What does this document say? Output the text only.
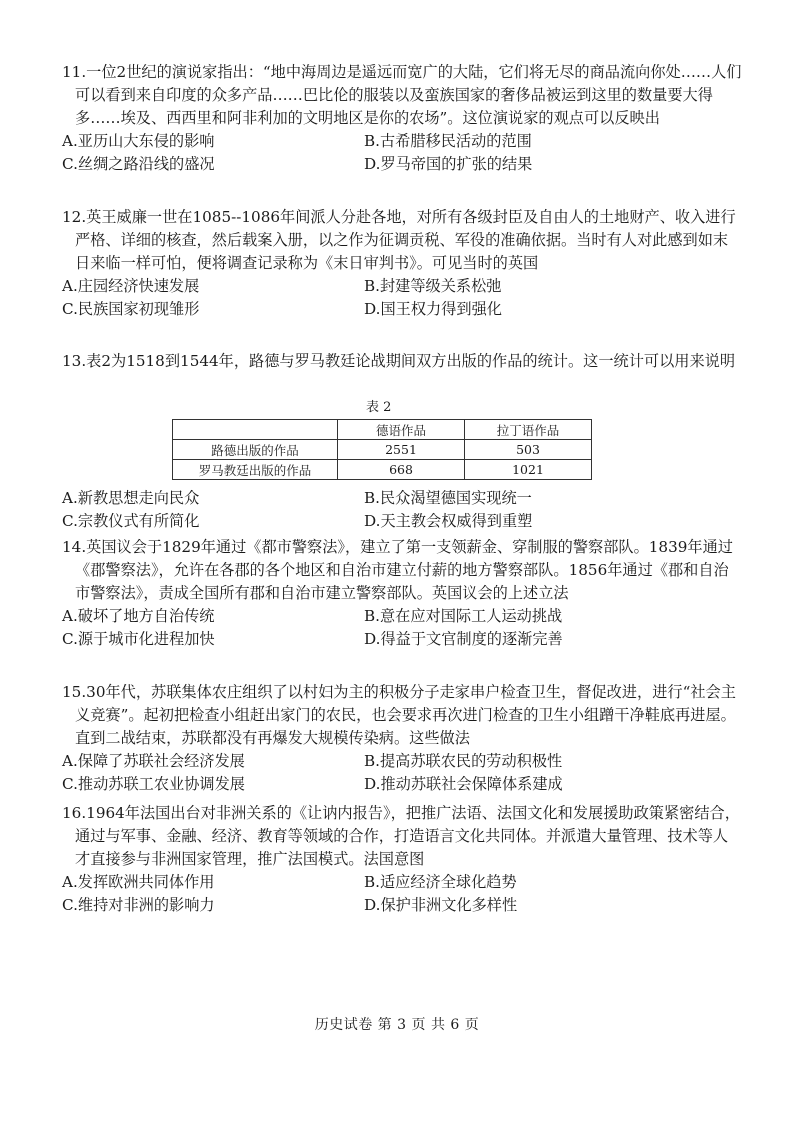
11.一位2世纪的演说家指出：“地中海周边是遥远而宽广的大陆，它们将无尽的商品流向你处……人们可以看到来自印度的众多产品……巴比伦的服装以及蛮族国家的奢侈品被运到这里的数量要大得多……埃及、西西里和阿非利加的文明地区是你的农场”。这位演说家的观点可以反映出

A.亚历山大东侵的影响	B.古希腊移民活动的范围
C.丝绸之路沿线的盛况	D.罗马帝国的扩张的结果

12.英王威廉一世在1085--1086年间派人分赴各地，对所有各级封臣及自由人的土地财产、收入进行严格、详细的核查，然后载案入册，以之作为征调贡税、军役的准确依据。当时有人对此感到如末日来临一样可怕，便将调查记录称为《末日审判书》。可见当时的英国

A.庄园经济快速发展	B.封建等级关系松弛
C.民族国家初现雏形	D.国王权力得到强化

13.表2为1518到1544年，路德与罗马教廷论战期间双方出版的作品的统计。这一统计可以用来说明

表 2
	德语作品	拉丁语作品
路德出版的作品	2551	503
罗马教廷出版的作品	668	1021
A.新教思想走向民众	B.民众渴望德国实现统一
C.宗教仪式有所简化	D.天主教会权威得到重塑

14.英国议会于1829年通过《都市警察法》，建立了第一支领薪金、穿制服的警察部队。1839年通过《郡警察法》，允许在各郡的各个地区和自治市建立付薪的地方警察部队。1856年通过《郡和自治市警察法》，责成全国所有郡和自治市建立警察部队。英国议会的上述立法

A.破坏了地方自治传统	B.意在应对国际工人运动挑战
C.源于城市化进程加快	D.得益于文官制度的逐渐完善

15.30年代，苏联集体农庄组织了以村妇为主的积极分子走家串户检查卫生，督促改进，进行“社会主义竞赛”。起初把检查小组赶出家门的农民，也会要求再次进门检查的卫生小组蹭干净鞋底再进屋。直到二战结束，苏联都没有再爆发大规模传染病。这些做法

A.保障了苏联社会经济发展	B.提高苏联农民的劳动积极性
C.推动苏联工农业协调发展	D.推动苏联社会保障体系建成

16.1964年法国出台对非洲关系的《让讷内报告》，把推广法语、法国文化和发展援助政策紧密结合，通过与军事、金融、经济、教育等领域的合作，打造语言文化共同体。并派遣大量管理、技术等人才直接参与非洲国家管理，推广法国模式。法国意图

A.发挥欧洲共同体作用	B.适应经济全球化趋势
C.维持对非洲的影响力	D.保护非洲文化多样性
历史试卷 第 3 页 共 6 页
